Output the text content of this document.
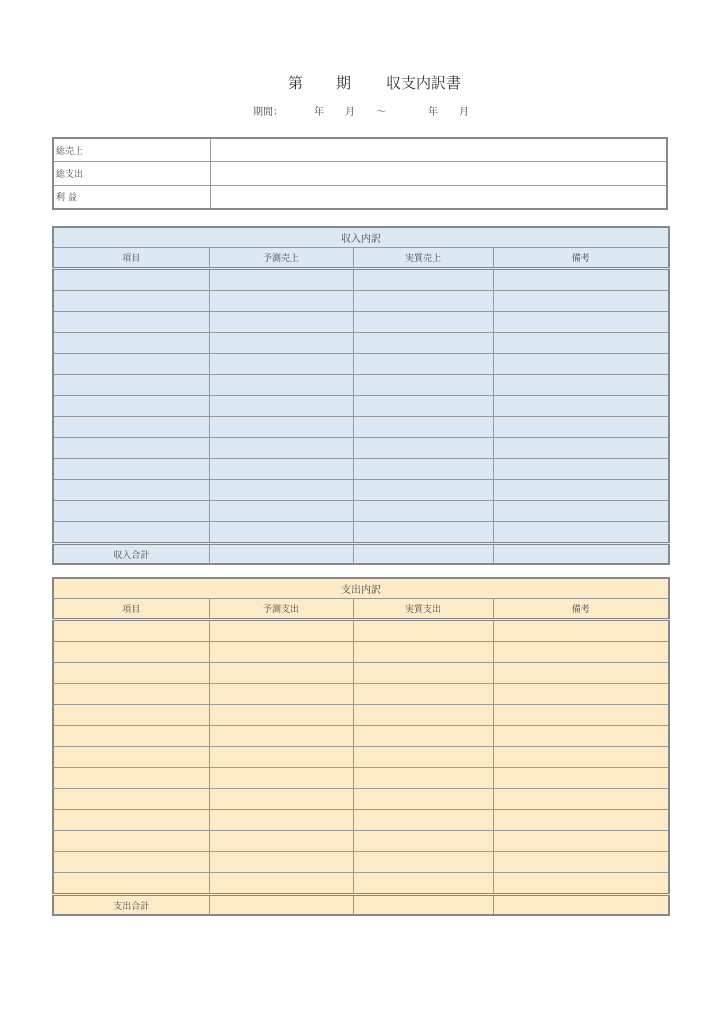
第 期 収支内訳書
期間：	年 月 ～	年 月
総売上	
総支出	
利 益	
収入内訳			
項目	予測売上	実質売上	備考

収入合計			
支出内訳			
項目	予測支出	実質支出	備考

支出合計			
